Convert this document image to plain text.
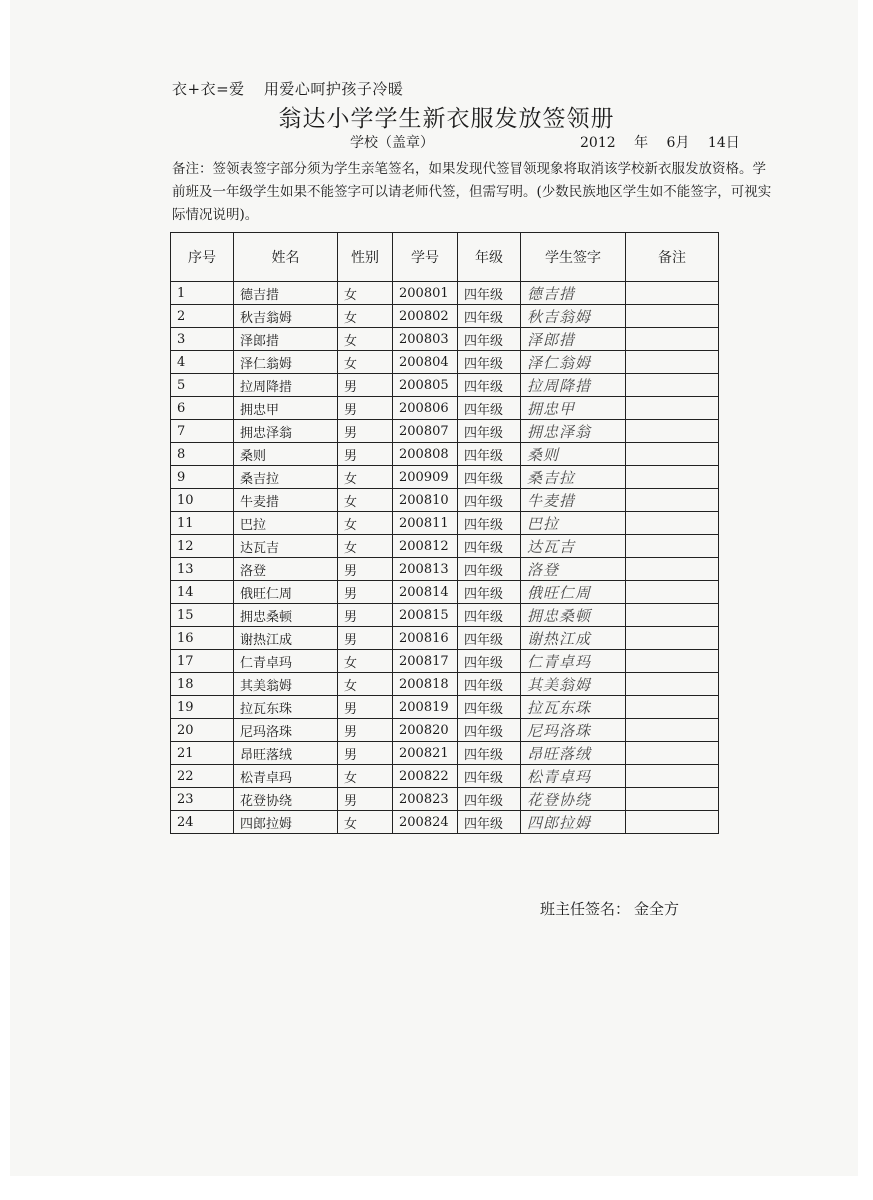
衣+衣=爱 用爱心呵护孩子冷暖
翁达小学学生新衣服发放签领册
学校（盖章）	2012 年 6月 14日
备注：签领表签字部分须为学生亲笔签名，如果发现代签冒领现象将取消该学校新衣服发放资格。学前班及一年级学生如果不能签字可以请老师代签，但需写明。(少数民族地区学生如不能签字，可视实际情况说明)。
序号	姓名	性别	学号	年级	学生签字	备注
1	德吉措	女	200801	四年级	德吉措	
2	秋吉翁姆	女	200802	四年级	秋吉翁姆	
3	泽郎措	女	200803	四年级	泽郎措	
4	泽仁翁姆	女	200804	四年级	泽仁翁姆	
5	拉周降措	男	200805	四年级	拉周降措	
6	拥忠甲	男	200806	四年级	拥忠甲	
7	拥忠泽翁	男	200807	四年级	拥忠泽翁	
8	桑则	男	200808	四年级	桑则	
9	桑吉拉	女	200909	四年级	桑吉拉	
10	牛麦措	女	200810	四年级	牛麦措	
11	巴拉	女	200811	四年级	巴拉	
12	达瓦吉	女	200812	四年级	达瓦吉	
13	洛登	男	200813	四年级	洛登	
14	俄旺仁周	男	200814	四年级	俄旺仁周	
15	拥忠桑顿	男	200815	四年级	拥忠桑顿	
16	谢热江成	男	200816	四年级	谢热江成	
17	仁青卓玛	女	200817	四年级	仁青卓玛	
18	其美翁姆	女	200818	四年级	其美翁姆	
19	拉瓦东珠	男	200819	四年级	拉瓦东珠	
20	尼玛洛珠	男	200820	四年级	尼玛洛珠	
21	昂旺落绒	男	200821	四年级	昂旺落绒	
22	松青卓玛	女	200822	四年级	松青卓玛	
23	花登协绕	男	200823	四年级	花登协绕	
24	四郎拉姆	女	200824	四年级	四郎拉姆	
班主任签名： 金全方
